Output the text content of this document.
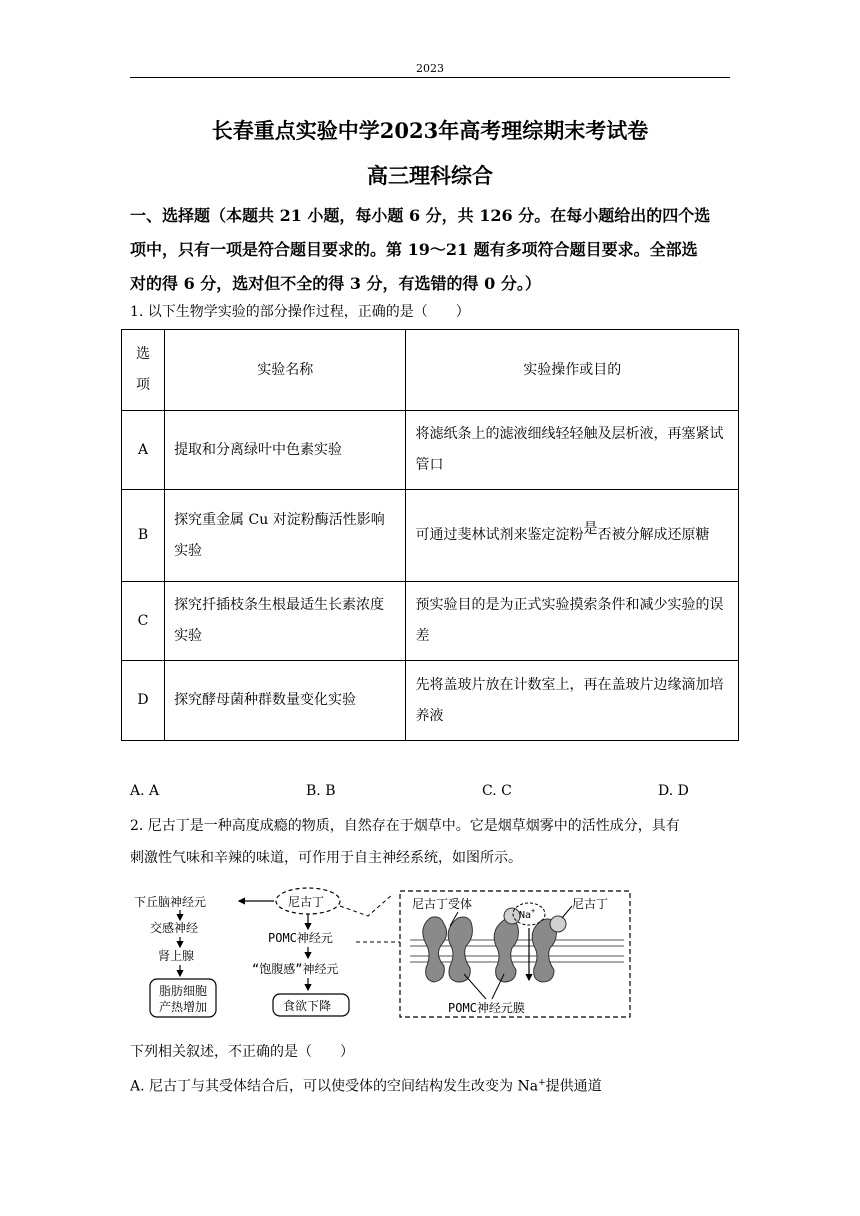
2023
长春重点实验中学2023年高考理综期末考试卷
高三理科综合
一、选择题（本题共 21 小题，每小题 6 分，共 126 分。在每小题给出的四个选
项中，只有一项是符合题目要求的。第 19～21 题有多项符合题目要求。全部选
对的得 6 分，选对但不全的得 3 分，有选错的得 0 分。）
1. 以下生物学实验的部分操作过程，正确的是（　　）
选
项	实验名称	实验操作或目的
A	提取和分离绿叶中色素实验	将滤纸条上的滤液细线轻轻触及层析液，再塞紧试管口
B	探究重金属 Cu 对淀粉酶活性影响实验	可通过斐林试剂来鉴定淀粉是否被分解成还原糖
C	探究扦插枝条生根最适生长素浓度实验	预实验目的是为正式实验摸索条件和减少实验的误差
D	探究酵母菌种群数量变化实验	先将盖玻片放在计数室上，再在盖玻片边缘滴加培养液
A. A	B. B	C. C	D. D
2. 尼古丁是一种高度成瘾的物质，自然存在于烟草中。它是烟草烟雾中的活性成分，具有
刺激性气味和辛辣的味道，可作用于自主神经系统，如图所示。
下丘脑神经元
交感神经
肾上腺
脂肪细胞
产热增加
尼古丁
POMC神经元
“饱腹感”神经元
食欲下降
Na+
尼古丁受体	尼古丁
POMC神经元膜
下列相关叙述，不正确的是（　　）
A. 尼古丁与其受体结合后，可以使受体的空间结构发生改变为 Na+提供通道
